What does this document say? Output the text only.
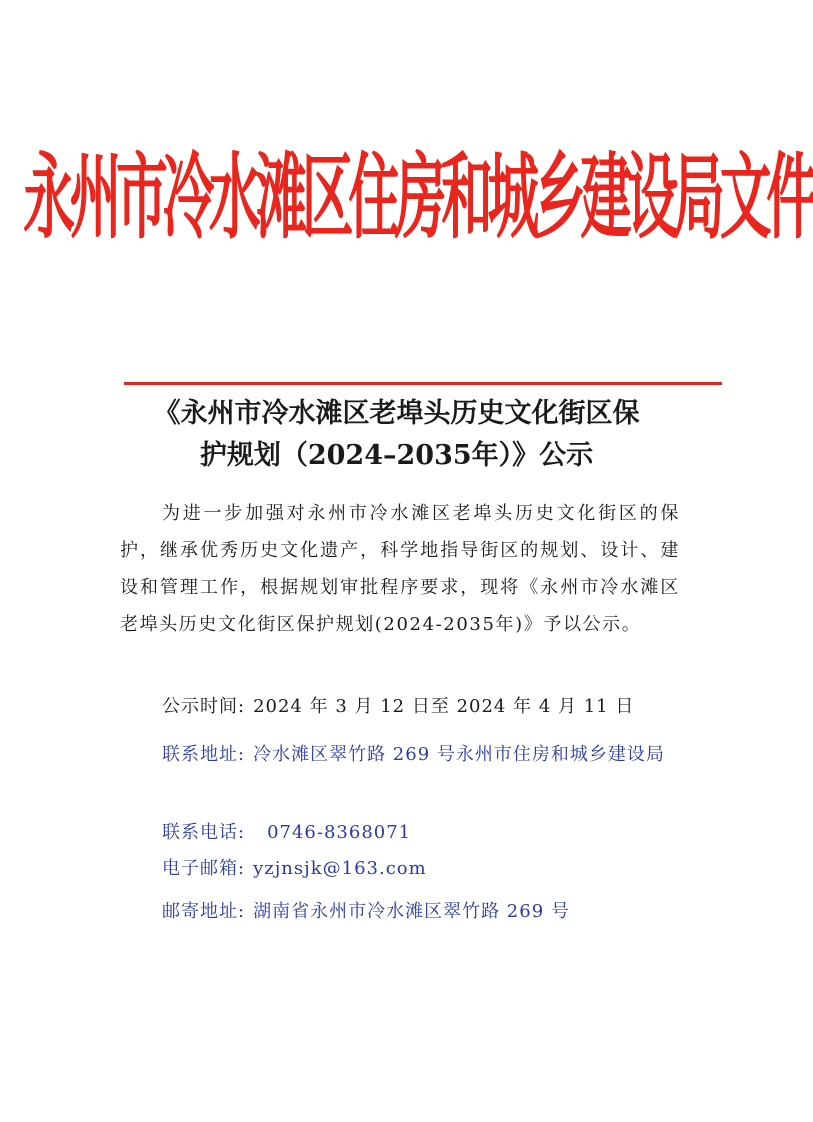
永州市冷水滩区住房和城乡建设局文件
《永州市冷水滩区老埠头历史文化街区保
护规划（2024–2035年）》公示
为进一步加强对永州市冷水滩区老埠头历史文化街区的保护，继承优秀历史文化遗产，科学地指导街区的规划、设计、建设和管理工作，根据规划审批程序要求，现将《永州市冷水滩区老埠头历史文化街区保护规划(2024-2035年)》予以公示。
公示时间: 2024 年 3 月 12 日至 2024 年 4 月 11 日
联系地址: 冷水滩区翠竹路 269 号永州市住房和城乡建设局
联系电话: 0746-8368071
电子邮箱: yzjnsjk@163.com
邮寄地址: 湖南省永州市冷水滩区翠竹路 269 号
